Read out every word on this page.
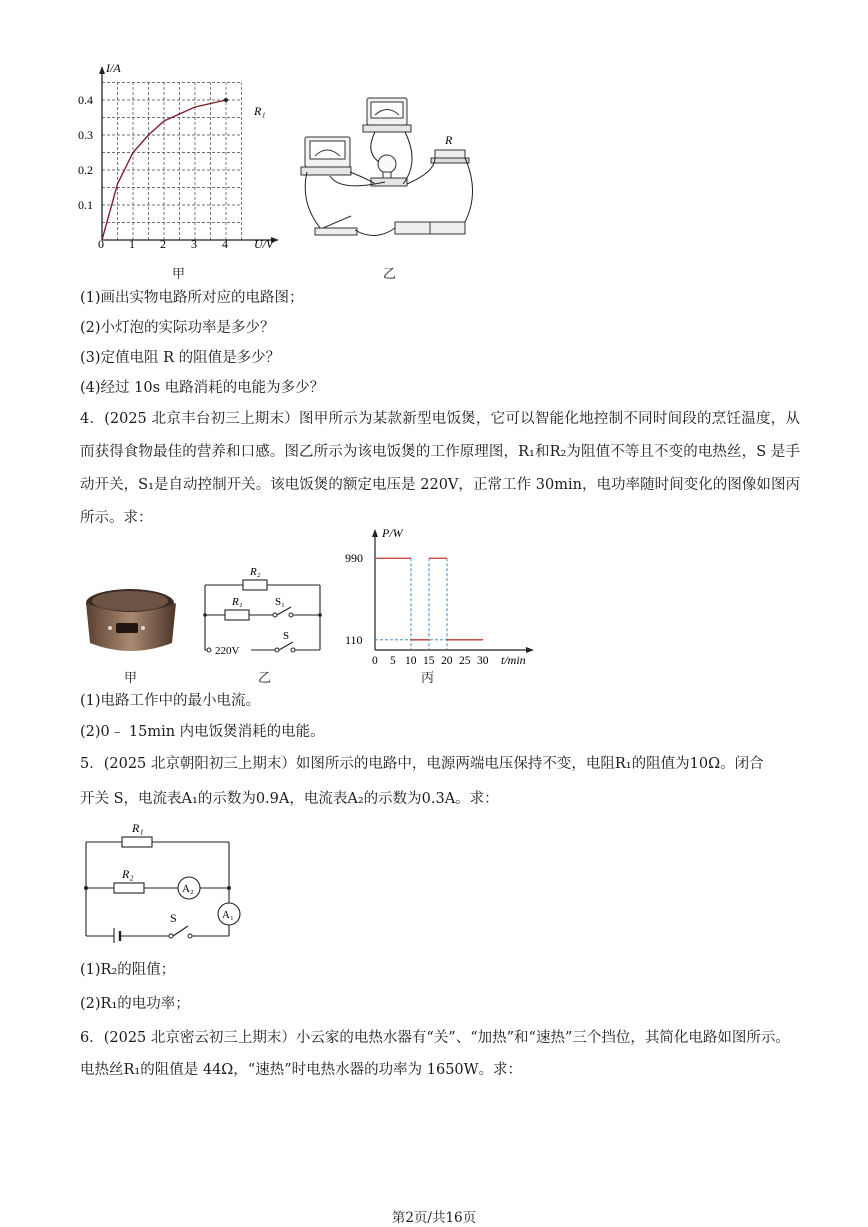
I/A
U/V
0.4
0.3
0.2
0.1
0 1 2 3 4
R₁
甲
R
乙
(1)画出实物电路所对应的电路图；
(2)小灯泡的实际功率是多少？
(3)定值电阻 R 的阻值是多少？
(4)经过 10s 电路消耗的电能为多少？
4．(2025 北京丰台初三上期末）图甲所示为某款新型电饭煲，它可以智能化地控制不同时间段的烹饪温度，从而获得食物最佳的营养和口感。图乙所示为该电饭煲的工作原理图，R₁和R₂为阻值不等且不变的电热丝，S 是手动开关，S₁是自动控制开关。该电饭煲的额定电压是 220V，正常工作 30min，电功率随时间变化的图像如图丙所示。求：
甲
R₂
R₁	S₁
S
220V
乙
P/W
t/min
990
110
0 5 10 15 20 25 30
丙
(1)电路工作中的最小电流。
(2)0﹣ 15min 内电饭煲消耗的电能。
5．(2025 北京朝阳初三上期末）如图所示的电路中，电源两端电压保持不变，电阻R₁的阻值为10Ω。闭合
开关 S，电流表A₁的示数为0.9A，电流表A₂的示数为0.3A。求：
R₁
R₂
A₂
A₁
S
(1)R₂的阻值；
(2)R₁的电功率；
6．(2025 北京密云初三上期末）小云家的电热水器有“关”、“加热”和“速热”三个挡位，其简化电路如图所示。
电热丝R₁的阻值是 44Ω，“速热”时电热水器的功率为 1650W。求：
第2页/共16页
